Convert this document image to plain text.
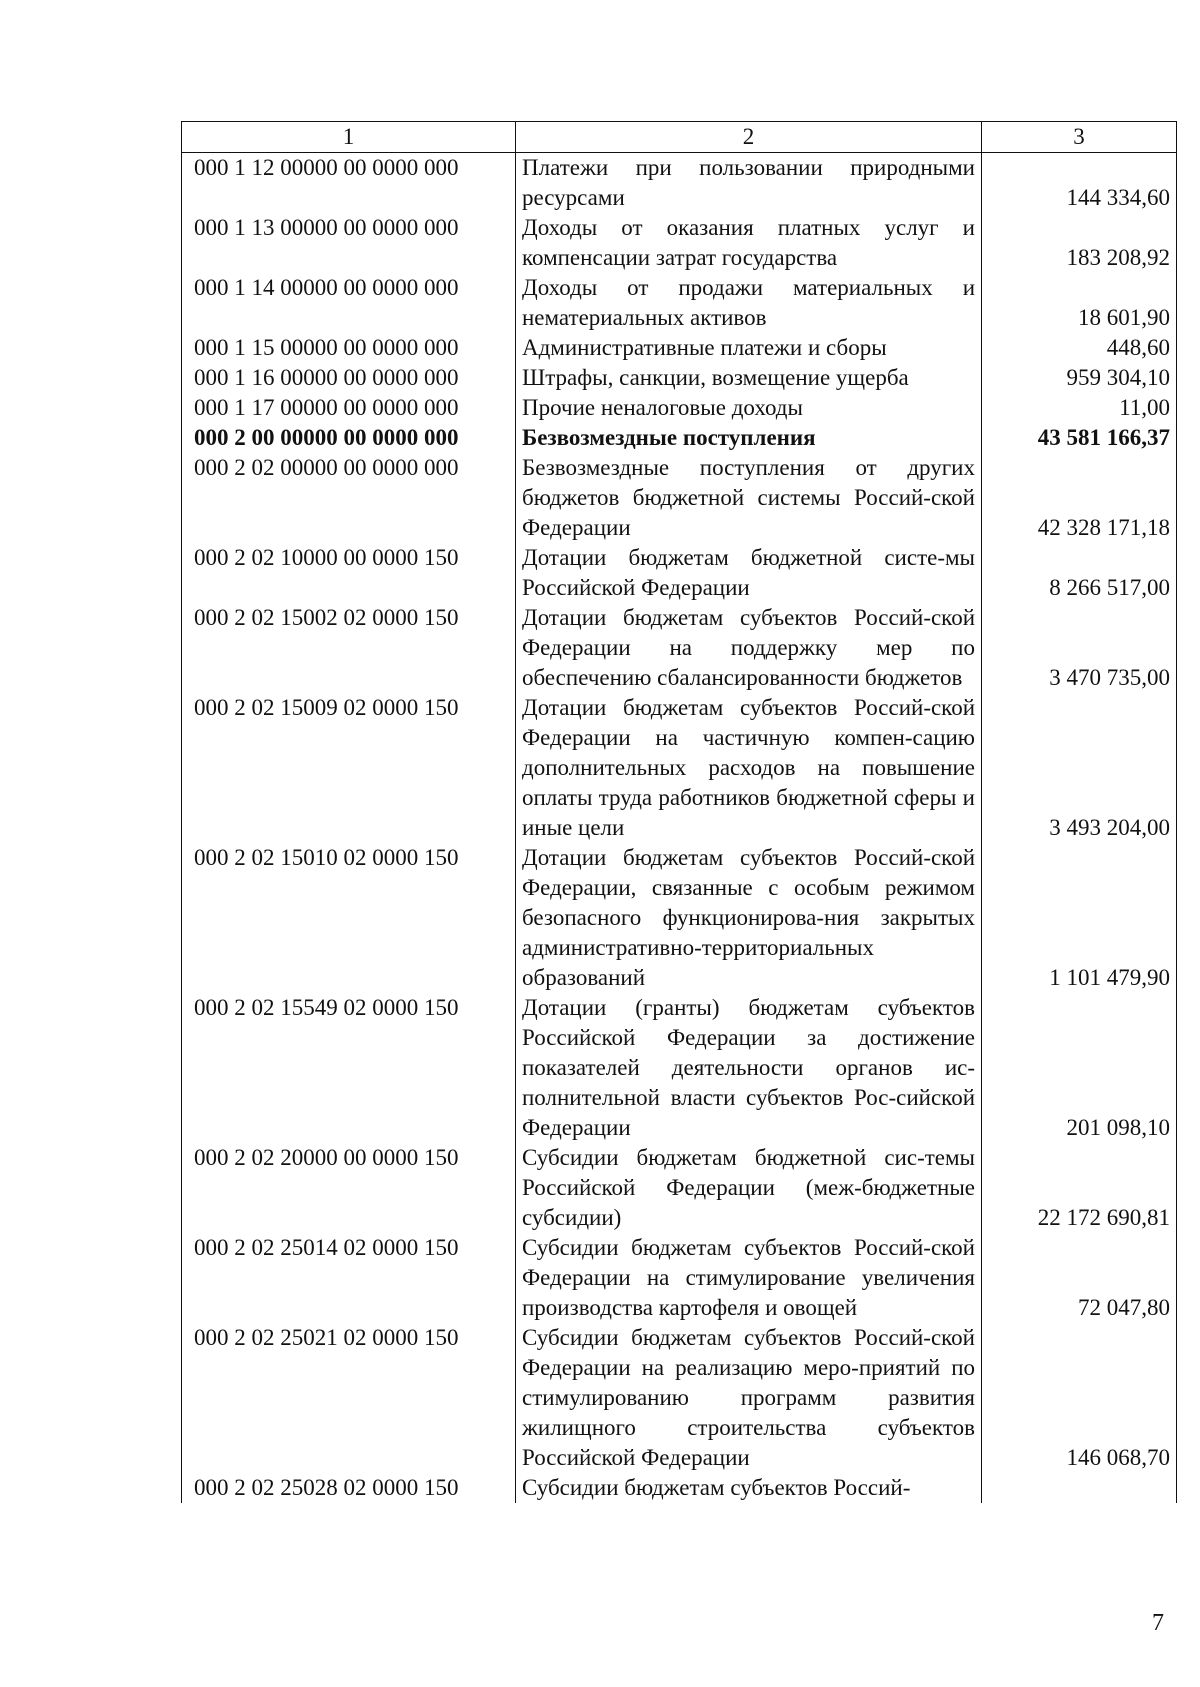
1	2	3
000 1 12 00000 00 0000 000	Платежи при пользовании природными ресурсами	144 334,60
000 1 13 00000 00 0000 000	Доходы от оказания платных услуг и компенсации затрат государства	183 208,92
000 1 14 00000 00 0000 000	Доходы от продажи материальных и нематериальных активов	18 601,90
000 1 15 00000 00 0000 000	Административные платежи и сборы	448,60
000 1 16 00000 00 0000 000	Штрафы, санкции, возмещение ущерба	959 304,10
000 1 17 00000 00 0000 000	Прочие неналоговые доходы	11,00
000 2 00 00000 00 0000 000	Безвозмездные поступления	43 581 166,37
000 2 02 00000 00 0000 000	Безвозмездные поступления от других бюджетов бюджетной системы Россий-ской Федерации	42 328 171,18
000 2 02 10000 00 0000 150	Дотации бюджетам бюджетной систе-мы Российской Федерации	8 266 517,00
000 2 02 15002 02 0000 150	Дотации бюджетам субъектов Россий-ской Федерации на поддержку мер по обеспечению сбалансированности бюджетов	3 470 735,00
000 2 02 15009 02 0000 150	Дотации бюджетам субъектов Россий-ской Федерации на частичную компен-сацию дополнительных расходов на повышение оплаты труда работников бюджетной сферы и иные цели	3 493 204,00
000 2 02 15010 02 0000 150	Дотации бюджетам субъектов Россий-ской Федерации, связанные с особым режимом безопасного функционирова-ния закрытых административно-территориальных образований	1 101 479,90
000 2 02 15549 02 0000 150	Дотации (гранты) бюджетам субъектов Российской Федерации за достижение показателей деятельности органов ис-полнительной власти субъектов Рос-сийской Федерации	201 098,10
000 2 02 20000 00 0000 150	Субсидии бюджетам бюджетной сис-темы Российской Федерации (меж-бюджетные субсидии)	22 172 690,81
000 2 02 25014 02 0000 150	Субсидии бюджетам субъектов Россий-ской Федерации на стимулирование увеличения производства картофеля и овощей	72 047,80
000 2 02 25021 02 0000 150	Субсидии бюджетам субъектов Россий-ской Федерации на реализацию меро-приятий по стимулированию программ развития жилищного строительства субъектов Российской Федерации	146 068,70
000 2 02 25028 02 0000 150	Субсидии бюджетам субъектов Россий-	
7
